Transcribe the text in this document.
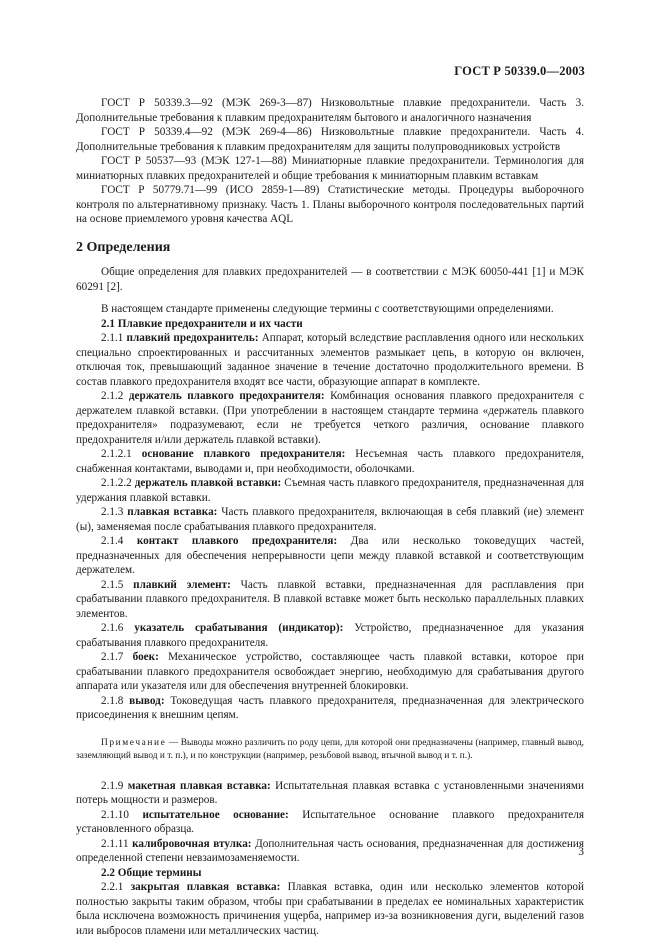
ГОСТ Р 50339.0—2003

ГОСТ Р 50339.3—92 (МЭК 269-3—87) Низковольтные плавкие предохранители. Часть 3. Дополнительные требования к плавким предохранителям бытового и аналогичного назначения

ГОСТ Р 50339.4—92 (МЭК 269-4—86) Низковольтные плавкие предохранители. Часть 4. Дополнительные требования к плавким предохранителям для защиты полупроводниковых устройств

ГОСТ Р 50537—93 (МЭК 127-1—88) Миниатюрные плавкие предохранители. Терминология для миниатюрных плавких предохранителей и общие требования к миниатюрным плавким вставкам

ГОСТ Р 50779.71—99 (ИСО 2859-1—89) Статистические методы. Процедуры выборочного контроля по альтернативному признаку. Часть 1. Планы выборочного контроля последовательных партий на основе приемлемого уровня качества AQL

2 Определения

Общие определения для плавких предохранителей — в соответствии с МЭК 60050-441 [1] и МЭК 60291 [2].

В настоящем стандарте применены следующие термины с соответствующими определениями.

2.1 Плавкие предохранители и их части

2.1.1 плавкий предохранитель: Аппарат, который вследствие расплавления одного или нескольких специально спроектированных и рассчитанных элементов размыкает цепь, в которую он включен, отключая ток, превышающий заданное значение в течение достаточно продолжительного времени. В состав плавкого предохранителя входят все части, образующие аппарат в комплекте.

2.1.2 держатель плавкого предохранителя: Комбинация основания плавкого предохранителя с держателем плавкой вставки. (При употреблении в настоящем стандарте термина «держатель плавкого предохранителя» подразумевают, если не требуется четкого различия, основание плавкого предохранителя и/или держатель плавкой вставки).

2.1.2.1 основание плавкого предохранителя: Несъемная часть плавкого предохранителя, снабженная контактами, выводами и, при необходимости, оболочками.

2.1.2.2 держатель плавкой вставки: Съемная часть плавкого предохранителя, предназначенная для удержания плавкой вставки.

2.1.3 плавкая вставка: Часть плавкого предохранителя, включающая в себя плавкий (ие) элемент (ы), заменяемая после срабатывания плавкого предохранителя.

2.1.4 контакт плавкого предохранителя: Два или несколько токоведущих частей, предназначенных для обеспечения непрерывности цепи между плавкой вставкой и соответствующим держателем.

2.1.5 плавкий элемент: Часть плавкой вставки, предназначенная для расплавления при срабатывании плавкого предохранителя. В плавкой вставке может быть несколько параллельных плавких элементов.

2.1.6 указатель срабатывания (индикатор): Устройство, предназначенное для указания срабатывания плавкого предохранителя.

2.1.7 боек: Механическое устройство, составляющее часть плавкой вставки, которое при срабатывании плавкого предохранителя освобождает энергию, необходимую для срабатывания другого аппарата или указателя или для обеспечения внутренней блокировки.

2.1.8 вывод: Токоведущая часть плавкого предохранителя, предназначенная для электрического присоединения к внешним цепям.

Примечание — Выводы можно различить по роду цепи, для которой они предназначены (например, главный вывод, заземляющий вывод и т. п.), и по конструкции (например, резьбовой вывод, втычной вывод и т. п.).

2.1.9 макетная плавкая вставка: Испытательная плавкая вставка с установленными значениями потерь мощности и размеров.

2.1.10 испытательное основание: Испытательное основание плавкого предохранителя установленного образца.

2.1.11 калибровочная втулка: Дополнительная часть основания, предназначенная для достижения определенной степени невзаимозаменяемости.

2.2 Общие термины

2.2.1 закрытая плавкая вставка: Плавкая вставка, один или несколько элементов которой полностью закрыты таким образом, чтобы при срабатывании в пределах ее номинальных характеристик была исключена возможность причинения ущерба, например из-за возникновения дуги, выделений газов или выбросов пламени или металлических частиц.

3
